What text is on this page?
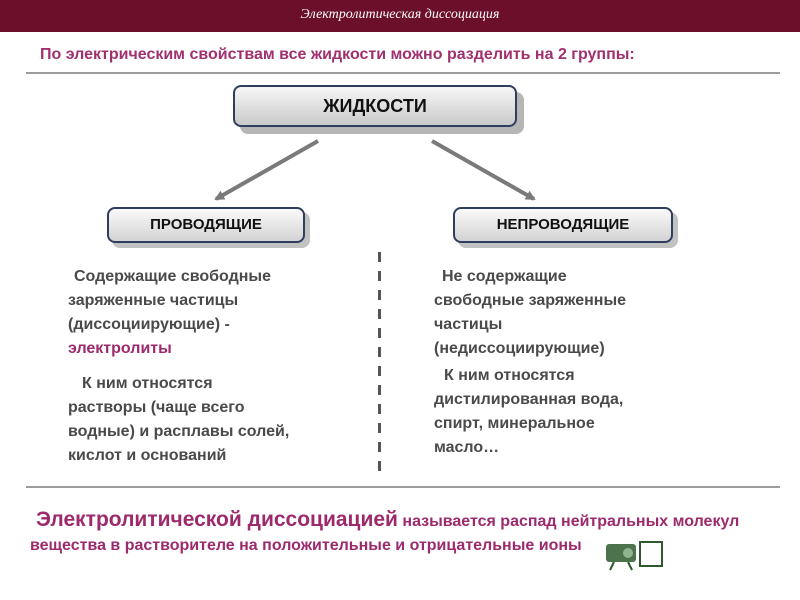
Электролитическая диссоциация
По электрическим свойствам все жидкости можно разделить на 2 группы:
ЖИДКОСТИ
ПРОВОДЯЩИЕ	НЕПРОВОДЯЩИЕ
Содержащие свободные
заряженные частицы
(диссоциирующие) -
электролиты
К ним относятся
растворы (чаще всего
водные) и расплавы солей,
кислот и оснований
Не содержащие
свободные заряженные
частицы
(недиссоциирующие)
К ним относятся
дистилированная вода,
спирт, минеральное
масло…
Электролитической диссоциацией называется распад нейтральных молекул вещества в растворителе на положительные и отрицательные ионы
